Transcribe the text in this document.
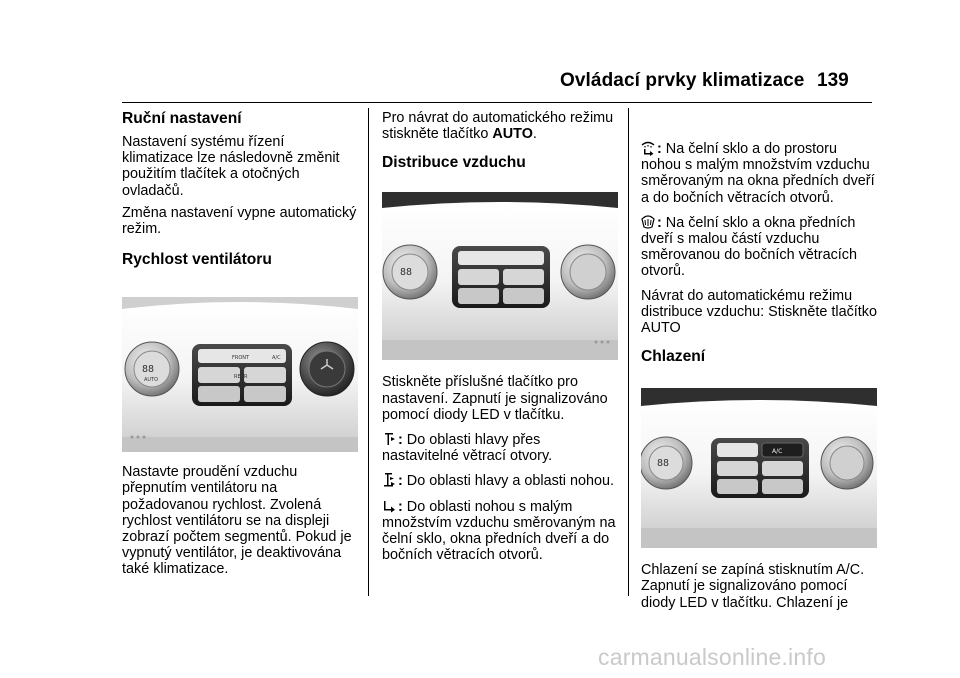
Ovládací prvky klimatizace 139
Ruční nastavení

Nastavení systému řízení klimatizace lze následovně změnit použitím tlačítek a otočných ovladačů.

Změna nastavení vypne automatický režim.

Rychlost ventilátoru
88
AUTO
FRONT	A/C
REAR

Nastavte proudění vzduchu přepnutím ventilátoru na požadovanou rychlost. Zvolená rychlost ventilátoru se na displeji zobrazí počtem segmentů. Pokud je vypnutý ventilátor, je deaktivována také klimatizace.

Pro návrat do automatického režimu stiskněte tlačítko AUTO.

Distribuce vzduchu
88

Stiskněte příslušné tlačítko pro nastavení. Zapnutí je signalizováno pomocí diody LED v tlačítku.

: Do oblasti hlavy přes nastavitelné větrací otvory.

: Do oblasti hlavy a oblasti nohou.

: Do oblasti nohou s malým množstvím vzduchu směrovaným na čelní sklo, okna předních dveří a do bočních větracích otvorů.

: Na čelní sklo a do prostoru nohou s malým množstvím vzduchu směrovaným na okna předních dveří a do bočních větracích otvorů.

: Na čelní sklo a okna předních dveří s malou částí vzduchu směrovanou do bočních větracích otvorů.

Návrat do automatickému režimu distribuce vzduchu: Stiskněte tlačítko AUTO

Chlazení
88
A/C

Chlazení se zapíná stisknutím A/C. Zapnutí je signalizováno pomocí diody LED v tlačítku. Chlazení je

carmanualsonline.info
